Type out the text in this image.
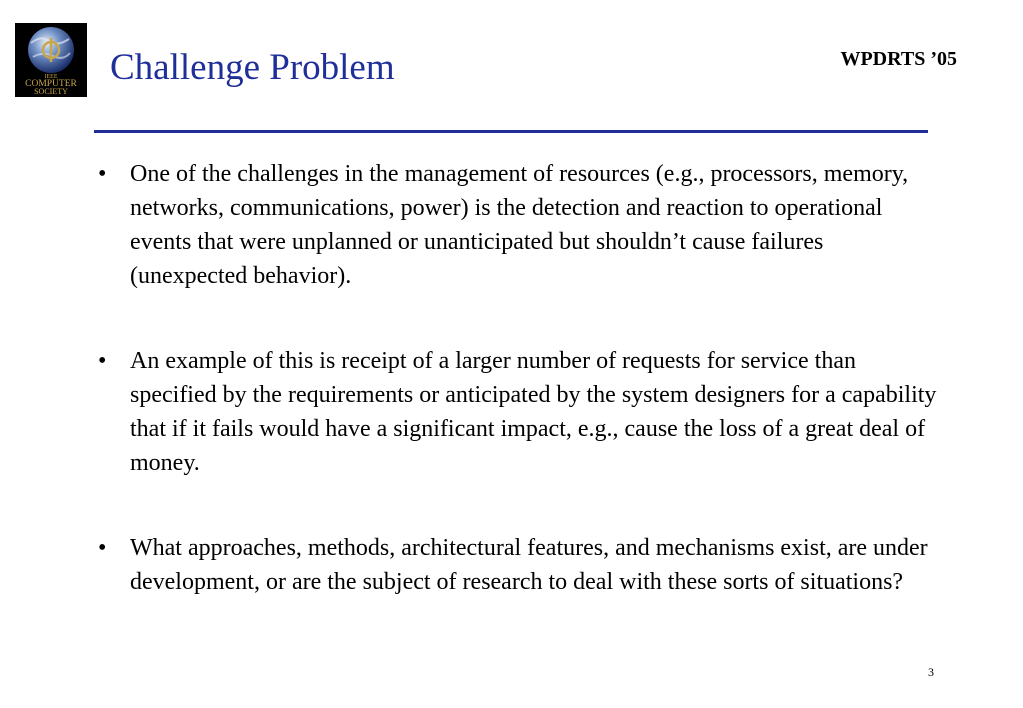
IEEE
COMPUTER
SOCIETY
Challenge Problem	WPDRTS ’05
• One of the challenges in the management of resources (e.g., processors, memory, networks, communications, power) is the detection and reaction to operational events that were unplanned or unanticipated but shouldn’t cause failures (unexpected behavior).
• An example of this is receipt of a larger number of requests for service than specified by the requirements or anticipated by the system designers for a capability that if it fails would have a significant impact, e.g., cause the loss of a great deal of money.
• What approaches, methods, architectural features, and mechanisms exist, are under development, or are the subject of research to deal with these sorts of situations?
3
